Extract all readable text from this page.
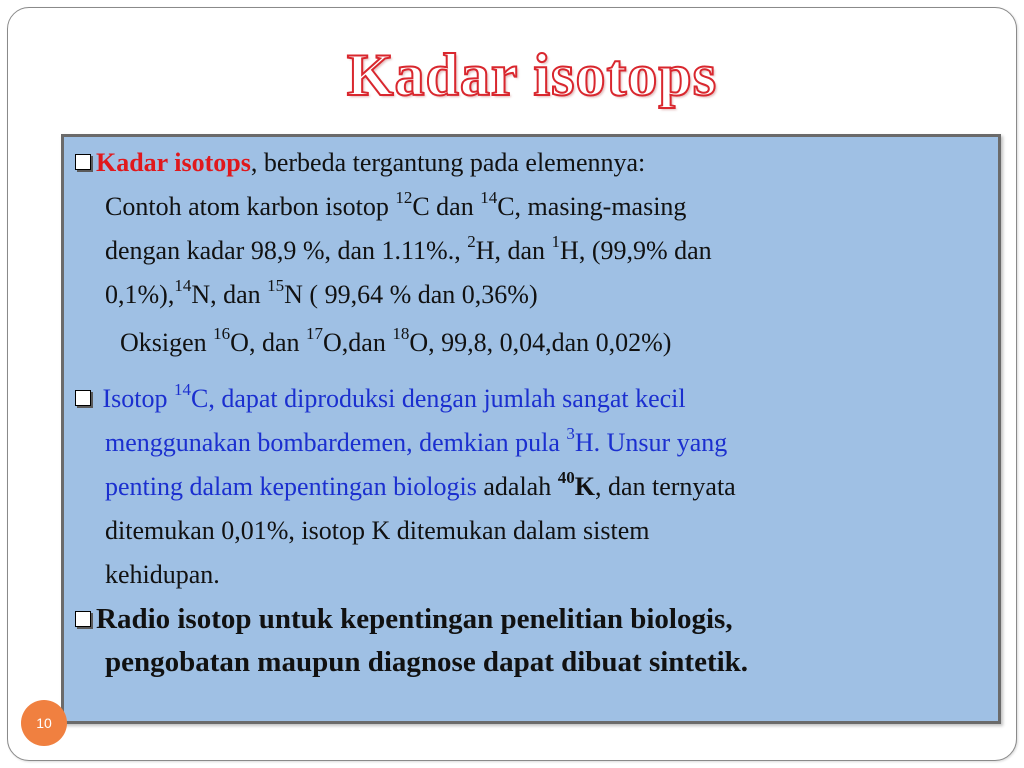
Kadar isotops
Kadar isotops, berbeda tergantung pada elemennya:
Contoh atom karbon isotop $^{12}$C dan $^{14}$C, masing-masing
dengan kadar 98,9 %, dan 1.11%., $^2$H, dan $^1$H, (99,9% dan
0,1%),$^{14}$N, dan $^{15}$N ( 99,64 % dan 0,36%)
Oksigen $^{16}$O, dan $^{17}$O,dan $^{18}$O, 99,8, 0,04,dan 0,02%)
Isotop $^{14}$C, dapat diproduksi dengan jumlah sangat kecil
menggunakan bombardemen, demkian pula $^3$H. Unsur yang
penting dalam kepentingan biologis adalah $^{40}$K, dan ternyata
ditemukan 0,01%, isotop K ditemukan dalam sistem
kehidupan.
Radio isotop untuk kepentingan penelitian biologis,
pengobatan maupun diagnose dapat dibuat sintetik.
10
